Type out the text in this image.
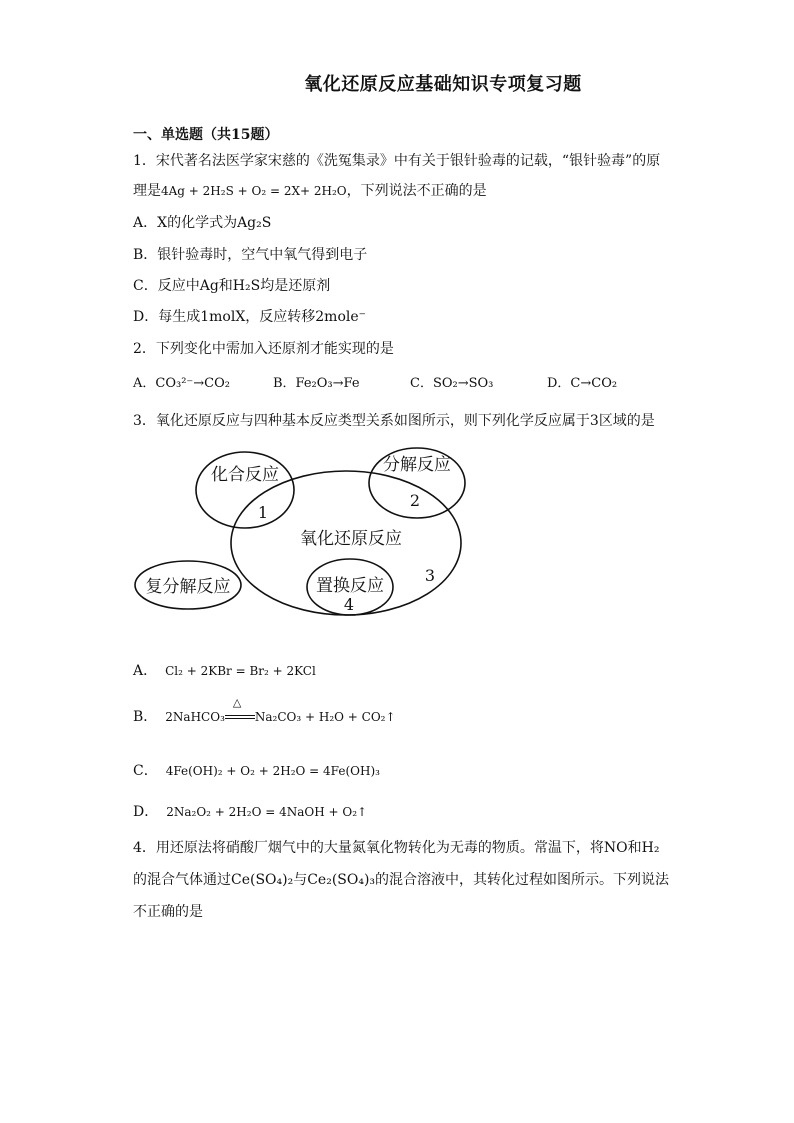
氧化还原反应基础知识专项复习题
一、单选题（共15题）
1．宋代著名法医学家宋慈的《洗冤集录》中有关于银针验毒的记载，“银针验毒”的原
理是4Ag + 2H₂S + O₂ = 2X+ 2H₂O，下列说法不正确的是
A．X的化学式为Ag₂S
B．银针验毒时，空气中氧气得到电子
C．反应中Ag和H₂S均是还原剂
D．每生成1molX，反应转移2mole⁻
2．下列变化中需加入还原剂才能实现的是
A．CO₃²⁻→CO₂	B．Fe₂O₃→Fe	C．SO₂→SO₃	D．C→CO₂
3．氧化还原反应与四种基本反应类型关系如图所示，则下列化学反应属于3区域的是
化合反应
1
分解反应
2
氧化还原反应
3
复分解反应	置换反应
4
A． Cl₂ + 2KBr = Br₂ + 2KCl
B． 2NaHCO₃
△
Na₂CO₃ + H₂O + CO₂↑
C． 4Fe(OH)₂ + O₂ + 2H₂O = 4Fe(OH)₃
D． 2Na₂O₂ + 2H₂O = 4NaOH + O₂↑
4．用还原法将硝酸厂烟气中的大量氮氧化物转化为无毒的物质。常温下，将NO和H₂
的混合气体通过Ce(SO₄)₂与Ce₂(SO₄)₃的混合溶液中，其转化过程如图所示。下列说法
不正确的是
